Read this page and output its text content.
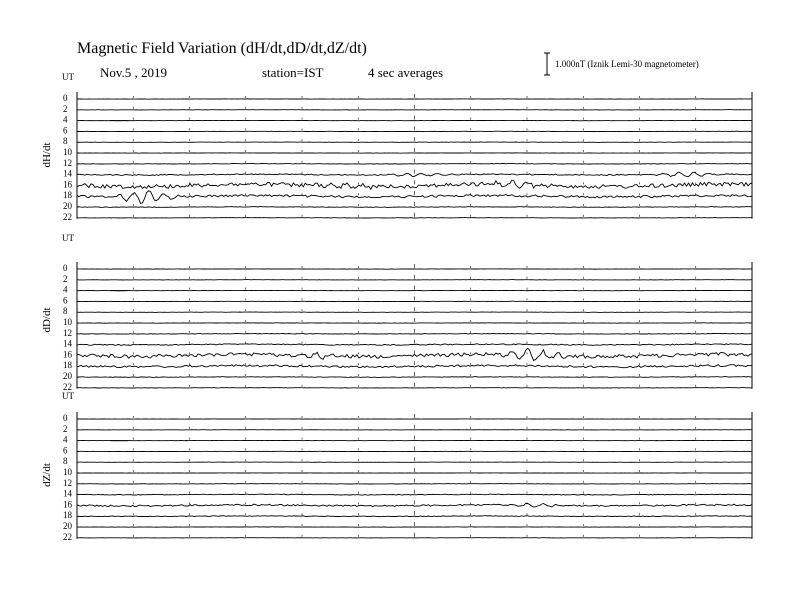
Magnetic Field Variation (dH/dt,dD/dt,dZ/dt)
Nov.5 , 2019	station=IST	4 sec averages
1.000nT (Iznik Lemi-30 magnetometer)
UT
dH/dt
0
2
4
6
8
10
12
14
16
18
20
22
UT
dD/dt
0
2
4
6
8
10
12
14
16
18
20
22
UT
dZ/dt
0
2
4
6
8
10
12
14
16
18
20
22
